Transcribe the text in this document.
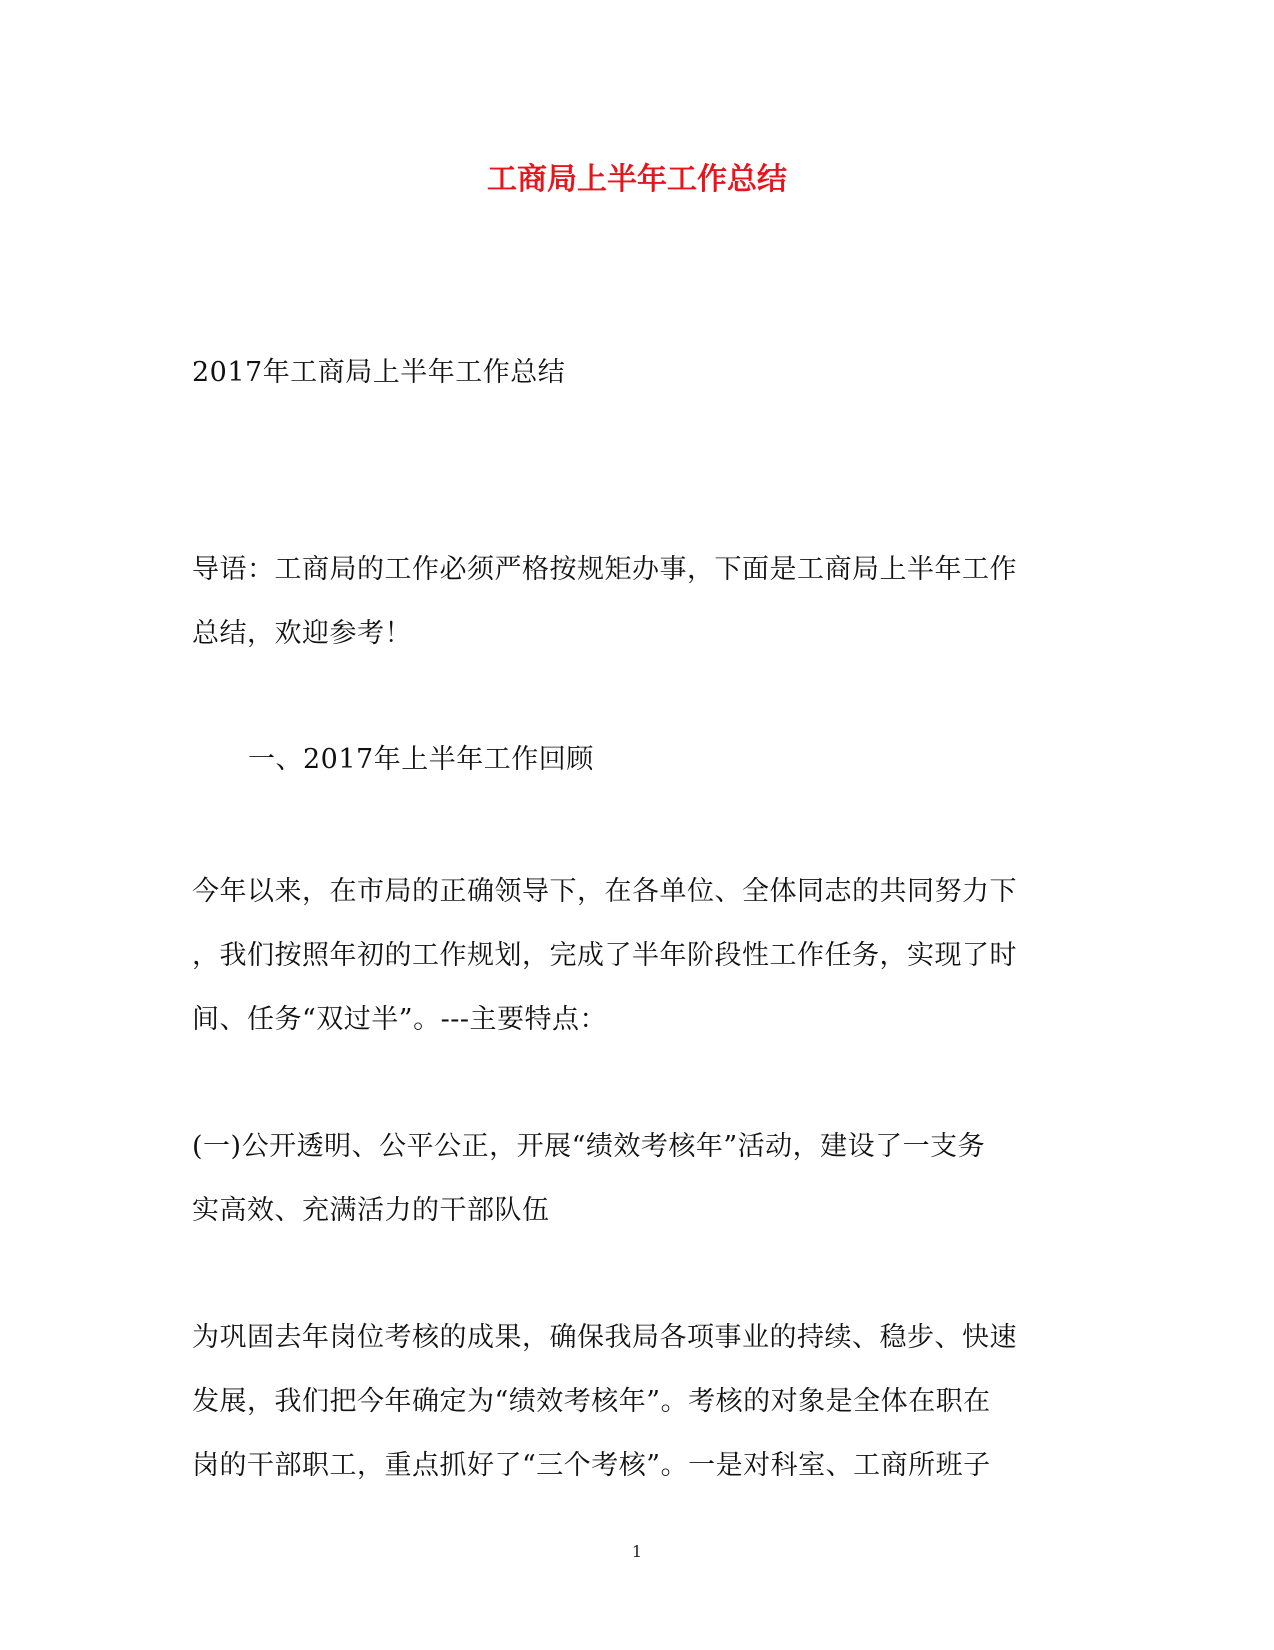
工商局上半年工作总结
2017年工商局上半年工作总结
导语：工商局的工作必须严格按规矩办事，下面是工商局上半年工作
总结，欢迎参考！
一、2017年上半年工作回顾
今年以来，在市局的正确领导下，在各单位、全体同志的共同努力下
，我们按照年初的工作规划，完成了半年阶段性工作任务，实现了时
间、任务“双过半”。---主要特点：
(一)公开透明、公平公正，开展“绩效考核年”活动，建设了一支务
实高效、充满活力的干部队伍
为巩固去年岗位考核的成果，确保我局各项事业的持续、稳步、快速
发展，我们把今年确定为“绩效考核年”。考核的对象是全体在职在
岗的干部职工，重点抓好了“三个考核”。一是对科室、工商所班子
1
